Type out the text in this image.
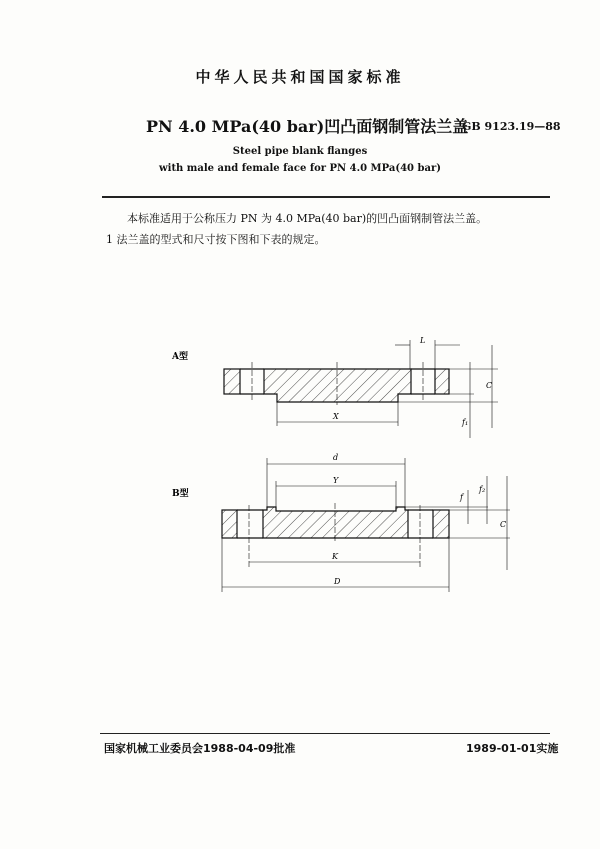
中华人民共和国国家标准
PN 4.0 MPa(40 bar)凹凸面钢制管法兰盖
GB 9123.19—88
Steel pipe blank flanges
with male and female face for PN 4.0 MPa(40 bar)
本标准适用于公称压力 PN 为 4.0 MPa(40 bar)的凹凸面钢制管法兰盖。
1 法兰盖的型式和尺寸按下图和下表的规定。
A型
B型
L
X
C
f₁
d
Y
f
f₂
C
K
D
国家机械工业委员会1988-04-09批准	1989-01-01实施
